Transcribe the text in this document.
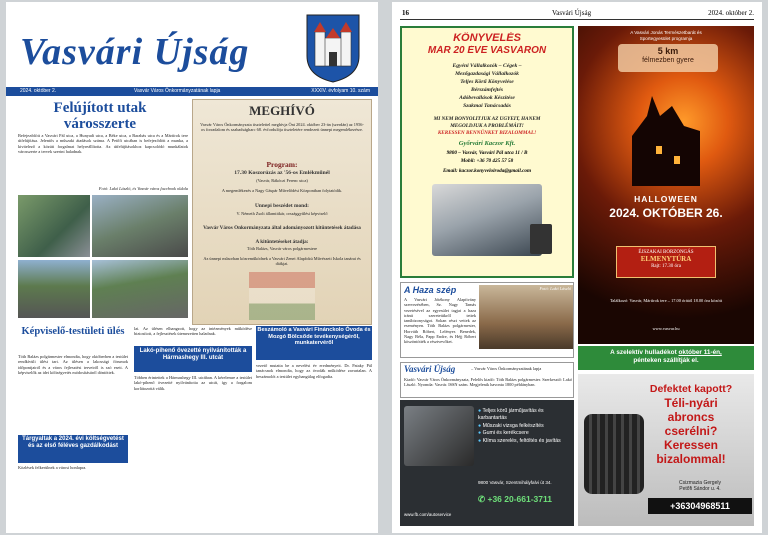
Vasvári Újság
2024. október 2.	Vasvár Város Önkormányzatának lapja	XXXIV. évfolyam 10. szám
Felújított utak városszerte
Befejeződött a Vasvári Pál utca, a Hunyadi utca, a Béke utca, a Barabás utca és a Mártírok tere útfelújítása. Jelentős a műszaki átadások száma. A Petőfi utcában is befejeződött a munka, a kivitelező a közúti forgalmat helyreállította. Az útfelújításokhoz kapcsolódó munkálatok városszerte a tervek szerint haladnak.
Fotó: Lakó László, és Vasvár város facebook oldala
MEGHÍVÓ
Vasvár Város Önkormányzata tisztelettel meghívja Önt 2024. október 23-án (szerdán) az 1956-os forradalom és szabadságharc 68. évfordulója tiszteletére rendezett ünnepi megemlékezésre.
Program:
17.30 Koszorúzás az '56-os Emlékműnél
(Vasvár, Rákóczi Ferenc utca)
A megemlékezés a Nagy Gáspár Művelődési Központban folytatódik.
Ünnepi beszédet mond:
V. Németh Zsolt államtitkár, országgyűlési képviselő
Vasvár Város Önkormányzata által adományozott kitüntetések átadása
A kitüntetéseket átadja:
Tóth Balázs, Vasvár város polgármestere
Az ünnepi műsorban közreműködnek a Vasvári Zenei Alapfokú Művészeti Iskola tanárai és diákjai.
Képviselő-testületi ülés
Tóth Balázs polgármester elmondta, hogy októberben a testület rendkívüli ülést tart. Az ülésen a lakossági fórumok időpontjairól és a város fejlesztési terveiről is szó esett. A képviselők az idei költségvetés módosításáról döntöttek.
Tárgyaltak a 2024. évi költségvetést és az első féléves gazdálkodást
Közlések felkerülnek a városi honlapra.
lai. Az ülésen elhangzott, hogy az intézmények működése biztosított, a fejlesztések ütemezetten haladnak.
Lakó-pihenő övezetté nyilvánították a Hármashegy III. utcát
Többen érintettek a Hármashegy III. utcában. A kérelemre a testület lakó-pihenő övezetté nyilvánította az utcát, így a forgalom korlátozottá válik.
Beszámoló a Vasvári Finánckolo Óvoda és Mozgó Bölcsőde tevékenységéről, munkatervéről
vezető mutatta be a nevelési év eredményeit. Dr. Pataky Pál tanácsnok elmondta, hogy az óvodák működése zavartalan. A beszámolót a testület egyhangúlag elfogadta.
16	Vasvári Újság	2024. október 2.
KÖNYVELÉS
MÁR 20 ÉVE VASVÁRON
Egyéni Vállalkozók – Cégek –
Mezőgazdasági Vállalkozók
Teljes Körű Könyvelése
Bérszámfejtés
Adóbevallások Készítése
Szakmai Tanácsadás
MI NEM BONYOLÍTJUK AZ ÜGYEIT, HANEM
MEGOLDJUK A PROBLÉMÁIT!
KERESSEN BENNÜNKET BIZALOMMAL!
Győrvári Kaczor Kft.
9800 – Vasvár, Vasvári Pál utca 11 / B
Mobil: +36 70 425 57 58
Email: kaczor.konyveloiroda@gmail.com
A Vasvári Jonás Természetbarát és
Sportegyesület programja
5 km
félmezben gyere
HALLOWEEN
2024. OKTÓBER 26.
ÉJSZAKAI BORZONGÁS
ELMENYTÚRA
Rajt: 17.30 óra
Találkozó: Vasvár, Mártírok tere – 17.00 órától 18.00 óra között
www.vasvar.hu
A Haza szép
A Vasvári Jótékony Alapítvány szervezésében, Sz. Nagy Tamás vezetésével az egyesület tagjai a haza iránti szeretetükről tettek tanúbizonyságot. Sokan részt vettek az eseményen. Tóth Balázs polgármester, Horváth Róbert, Lelényes Benedek, Nagy Béla, Papp Endre, és Héjj Róbert köszöntötték a résztvevőket.
Fotó: Lakó László
A szelektív hulladékot október 11-én,
pénteken szállítják el.
Vasvári Újság	– Vasvár Város Önkormányzatának lapja
Kiadó: Vasvár Város Önkormányzata, Felelős kiadó: Tóth Balázs polgármester. Szerkesztő: Lakó László. Nyomda: Vasvár. ISSN szám. Megjelenik havonta 1800 példányban.
● Teljes körű járműjavítás és karbantartás
● Műszaki vizsga felkészítés
● Gumi és kerékcsere
● Klíma szerelés, feltöltés és javítás
9800 Vasvár, Szentmihályfalvi út 34.
✆ +36 20-661-3711
www.fb.com/autoservice
Defektet kapott?
Téli-nyári
abroncs
cserélni?
Keressen
bizalommal!
Csizmazia Gergely
Petőfi Sándor u. 4.
+36304968511
